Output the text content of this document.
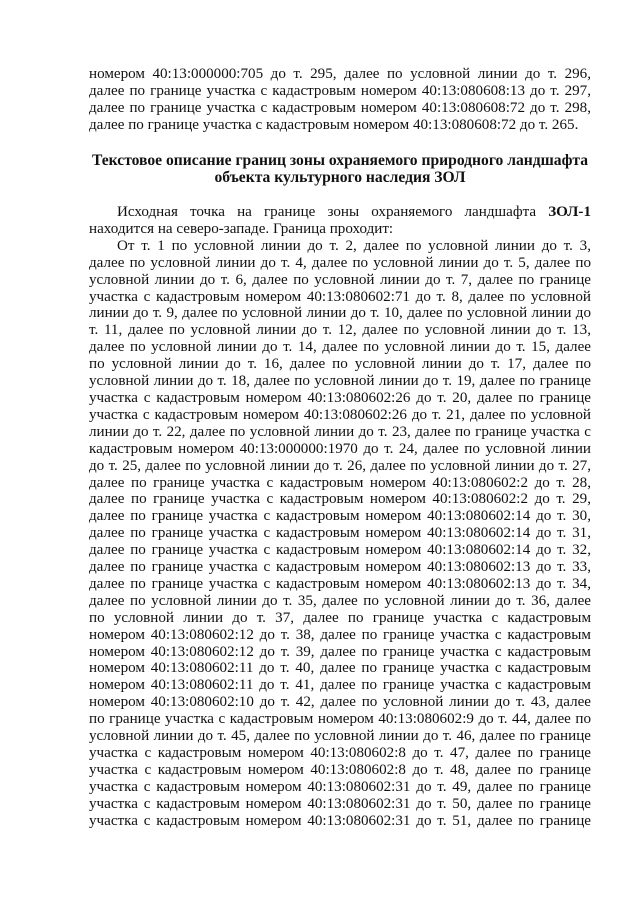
номером 40:13:000000:705 до т. 295, далее по условной линии до т. 296,
далее по границе участка с кадастровым номером 40:13:080608:13 до т. 297,
далее по границе участка с кадастровым номером 40:13:080608:72 до т. 298,
далее по границе участка с кадастровым номером 40:13:080608:72 до т. 265.
Текстовое описание границ зоны охраняемого природного ландшафта
объекта культурного наследия ЗОЛ
Исходная точка на границе зоны охраняемого ландшафта ЗОЛ-1
находится на северо-западе. Граница проходит:
От т. 1 по условной линии до т. 2, далее по условной линии до т. 3,
далее по условной линии до т. 4, далее по условной линии до т. 5, далее по
условной линии до т. 6, далее по условной линии до т. 7, далее по границе
участка с кадастровым номером 40:13:080602:71 до т. 8, далее по условной
линии до т. 9, далее по условной линии до т. 10, далее по условной линии до
т. 11, далее по условной линии до т. 12, далее по условной линии до т. 13,
далее по условной линии до т. 14, далее по условной линии до т. 15, далее
по условной линии до т. 16, далее по условной линии до т. 17, далее по
условной линии до т. 18, далее по условной линии до т. 19, далее по границе
участка с кадастровым номером 40:13:080602:26 до т. 20, далее по границе
участка с кадастровым номером 40:13:080602:26 до т. 21, далее по условной
линии до т. 22, далее по условной линии до т. 23, далее по границе участка с
кадастровым номером 40:13:000000:1970 до т. 24, далее по условной линии
до т. 25, далее по условной линии до т. 26, далее по условной линии до т. 27,
далее по границе участка с кадастровым номером 40:13:080602:2 до т. 28,
далее по границе участка с кадастровым номером 40:13:080602:2 до т. 29,
далее по границе участка с кадастровым номером 40:13:080602:14 до т. 30,
далее по границе участка с кадастровым номером 40:13:080602:14 до т. 31,
далее по границе участка с кадастровым номером 40:13:080602:14 до т. 32,
далее по границе участка с кадастровым номером 40:13:080602:13 до т. 33,
далее по границе участка с кадастровым номером 40:13:080602:13 до т. 34,
далее по условной линии до т. 35, далее по условной линии до т. 36, далее
по условной линии до т. 37, далее по границе участка с кадастровым
номером 40:13:080602:12 до т. 38, далее по границе участка с кадастровым
номером 40:13:080602:12 до т. 39, далее по границе участка с кадастровым
номером 40:13:080602:11 до т. 40, далее по границе участка с кадастровым
номером 40:13:080602:11 до т. 41, далее по границе участка с кадастровым
номером 40:13:080602:10 до т. 42, далее по условной линии до т. 43, далее
по границе участка с кадастровым номером 40:13:080602:9 до т. 44, далее по
условной линии до т. 45, далее по условной линии до т. 46, далее по границе
участка с кадастровым номером 40:13:080602:8 до т. 47, далее по границе
участка с кадастровым номером 40:13:080602:8 до т. 48, далее по границе
участка с кадастровым номером 40:13:080602:31 до т. 49, далее по границе
участка с кадастровым номером 40:13:080602:31 до т. 50, далее по границе
участка с кадастровым номером 40:13:080602:31 до т. 51, далее по границе
